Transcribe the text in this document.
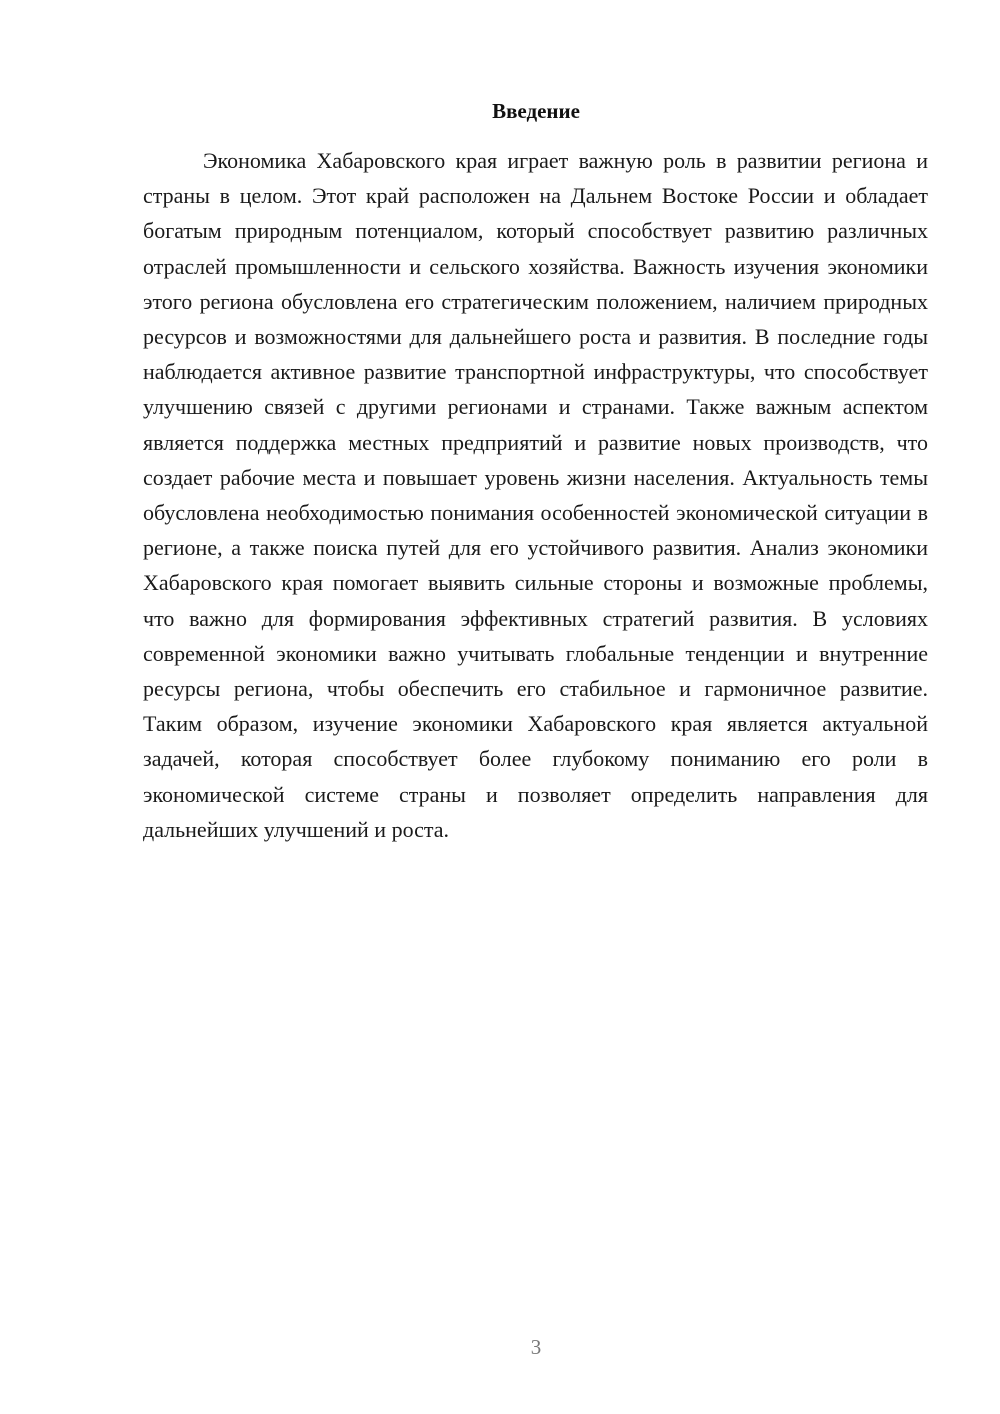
Введение

Экономика Хабаровского края играет важную роль в развитии региона и страны в целом. Этот край расположен на Дальнем Востоке России и обладает богатым природным потенциалом, который способствует развитию различных отраслей промышленности и сельского хозяйства. Важность изучения экономики этого региона обусловлена его стратегическим положением, наличием природных ресурсов и возможностями для дальнейшего роста и развития. В последние годы наблюдается активное развитие транспортной инфраструктуры, что способствует улучшению связей с другими регионами и странами. Также важным аспектом является поддержка местных предприятий и развитие новых производств, что создает рабочие места и повышает уровень жизни населения. Актуальность темы обусловлена необходимостью понимания особенностей экономической ситуации в регионе, а также поиска путей для его устойчивого развития. Анализ экономики Хабаровского края помогает выявить сильные стороны и возможные проблемы, что важно для формирования эффективных стратегий развития. В условиях современной экономики важно учитывать глобальные тенденции и внутренние ресурсы региона, чтобы обеспечить его стабильное и гармоничное развитие. Таким образом, изучение экономики Хабаровского края является актуальной задачей, которая способствует более глубокому пониманию его роли в экономической системе страны и позволяет определить направления для дальнейших улучшений и роста.

3
